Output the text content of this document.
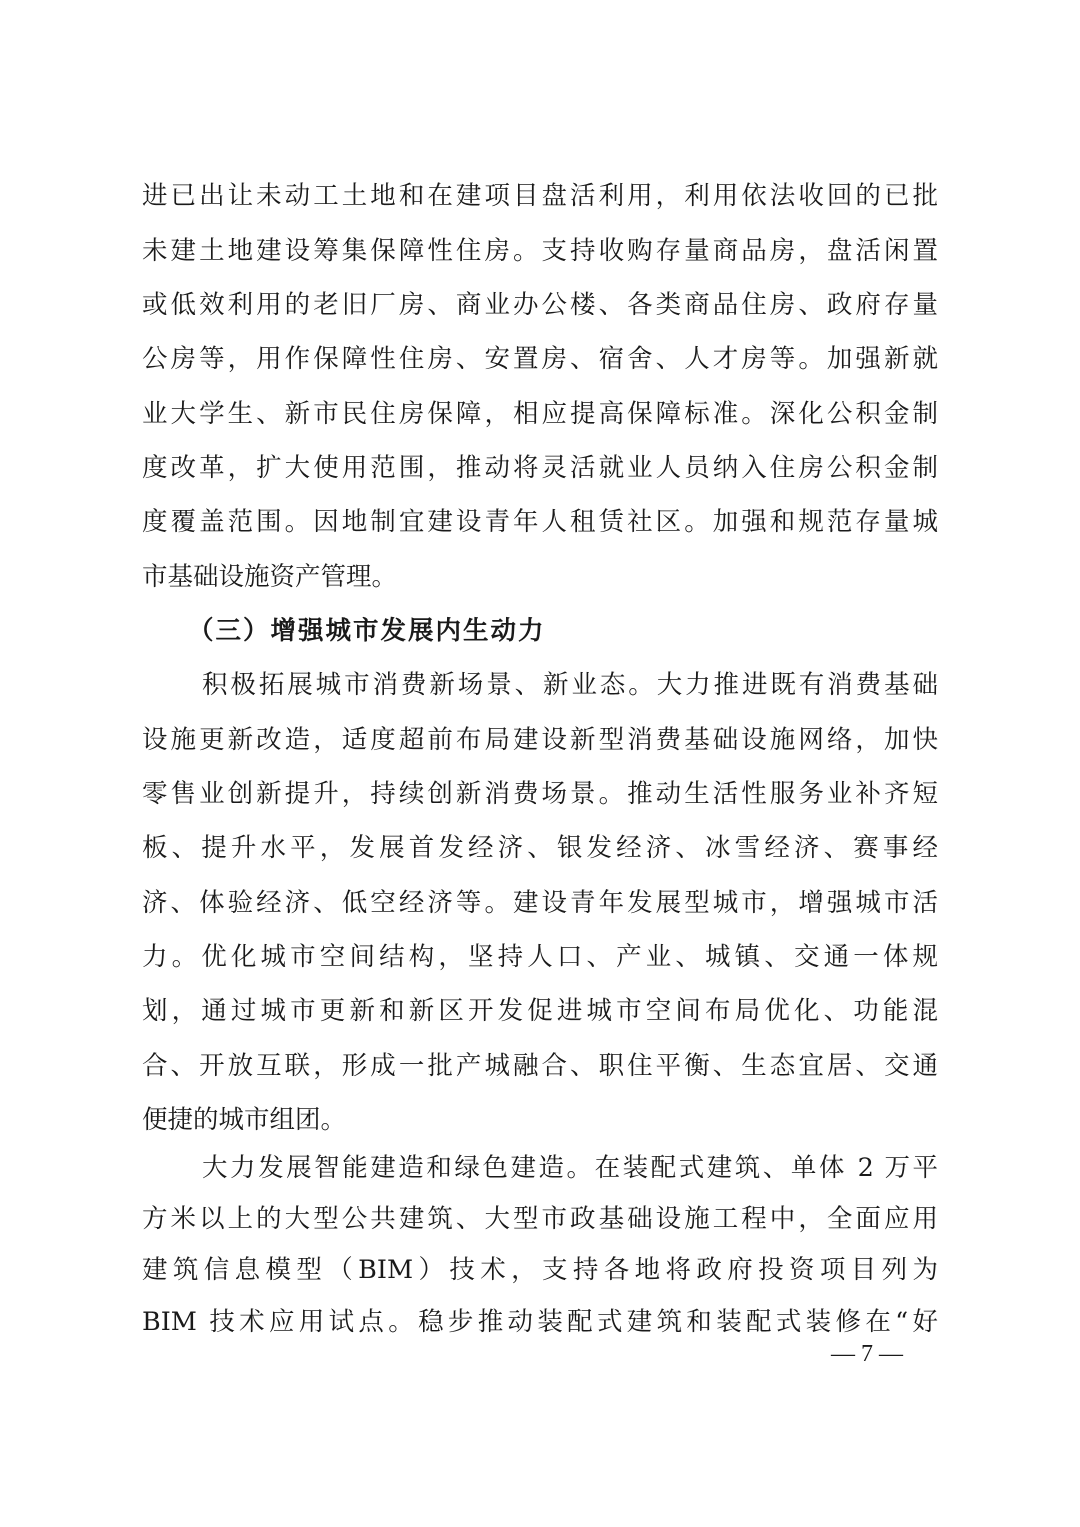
进已出让未动工土地和在建项目盘活利用，利用依法收回的已批
未建土地建设筹集保障性住房。支持收购存量商品房，盘活闲置
或低效利用的老旧厂房、商业办公楼、各类商品住房、政府存量
公房等，用作保障性住房、安置房、宿舍、人才房等。加强新就
业大学生、新市民住房保障，相应提高保障标准。深化公积金制
度改革，扩大使用范围，推动将灵活就业人员纳入住房公积金制
度覆盖范围。因地制宜建设青年人租赁社区。加强和规范存量城
市基础设施资产管理。
（三）增强城市发展内生动力
积极拓展城市消费新场景、新业态。大力推进既有消费基础
设施更新改造，适度超前布局建设新型消费基础设施网络，加快
零售业创新提升，持续创新消费场景。推动生活性服务业补齐短
板、提升水平，发展首发经济、银发经济、冰雪经济、赛事经
济、体验经济、低空经济等。建设青年发展型城市，增强城市活
力。优化城市空间结构，坚持人口、产业、城镇、交通一体规
划，通过城市更新和新区开发促进城市空间布局优化、功能混
合、开放互联，形成一批产城融合、职住平衡、生态宜居、交通
便捷的城市组团。
大力发展智能建造和绿色建造。在装配式建筑、单体 2 万平
方米以上的大型公共建筑、大型市政基础设施工程中，全面应用
建筑信息模型（BIM）技术，支持各地将政府投资项目列为
BIM 技术应用试点。稳步推动装配式建筑和装配式装修在“好
— 7 —
